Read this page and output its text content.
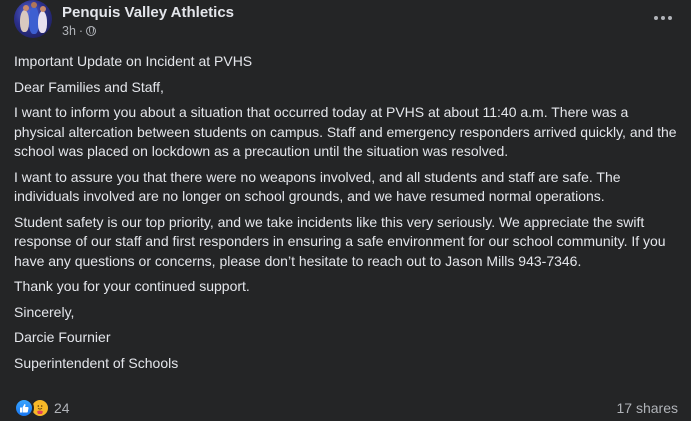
Penquis Valley Athletics
3h ·

Important Update on Incident at PVHS

Dear Families and Staff,

I want to inform you about a situation that occurred today at PVHS at about 11:40 a.m. There was a physical altercation between students on campus. Staff and emergency responders arrived quickly, and the school was placed on lockdown as a precaution until the situation was resolved.

I want to assure you that there were no weapons involved, and all students and staff are safe. The individuals involved are no longer on school grounds, and we have resumed normal operations.

Student safety is our top priority, and we take incidents like this very seriously. We appreciate the swift response of our staff and first responders in ensuring a safe environment for our school community. If you have any questions or concerns, please don’t hesitate to reach out to Jason Mills 943-7346.

Thank you for your continued support.

Sincerely,

Darcie Fournier

Superintendent of Schools

24	17 shares
